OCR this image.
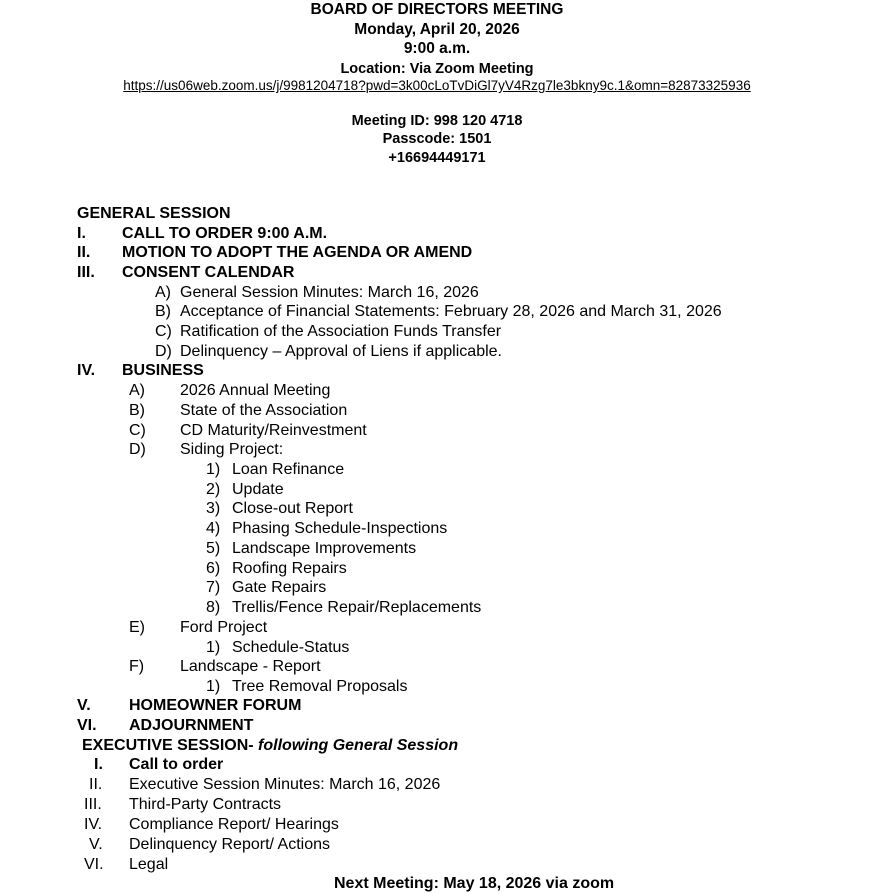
BOARD OF DIRECTORS MEETING
Monday, April 20, 2026
9:00 a.m.
Location: Via Zoom Meeting
https://us06web.zoom.us/j/9981204718?pwd=3k00cLoTvDiGl7yV4Rzg7le3bkny9c.1&omn=82873325936
Meeting ID: 998 120 4718
Passcode: 1501
+16694449171
GENERAL SESSION
I. CALL TO ORDER 9:00 A.M.
II. MOTION TO ADOPT THE AGENDA OR AMEND
III. CONSENT CALENDAR
A) General Session Minutes: March 16, 2026
B) Acceptance of Financial Statements: February 28, 2026 and March 31, 2026
C) Ratification of the Association Funds Transfer
D) Delinquency – Approval of Liens if applicable.
IV. BUSINESS
A) 2026 Annual Meeting
B) State of the Association
C) CD Maturity/Reinvestment
D) Siding Project:
1) Loan Refinance
2) Update
3) Close-out Report
4) Phasing Schedule-Inspections
5) Landscape Improvements
6) Roofing Repairs
7) Gate Repairs
8) Trellis/Fence Repair/Replacements
E) Ford Project
1) Schedule-Status
F) Landscape - Report
1) Tree Removal Proposals
V. HOMEOWNER FORUM
VI. ADJOURNMENT
EXECUTIVE SESSION- following General Session
I. Call to order
II. Executive Session Minutes: March 16, 2026
III. Third-Party Contracts
IV. Compliance Report/ Hearings
V. Delinquency Report/ Actions
VI. Legal
Next Meeting: May 18, 2026 via zoom
